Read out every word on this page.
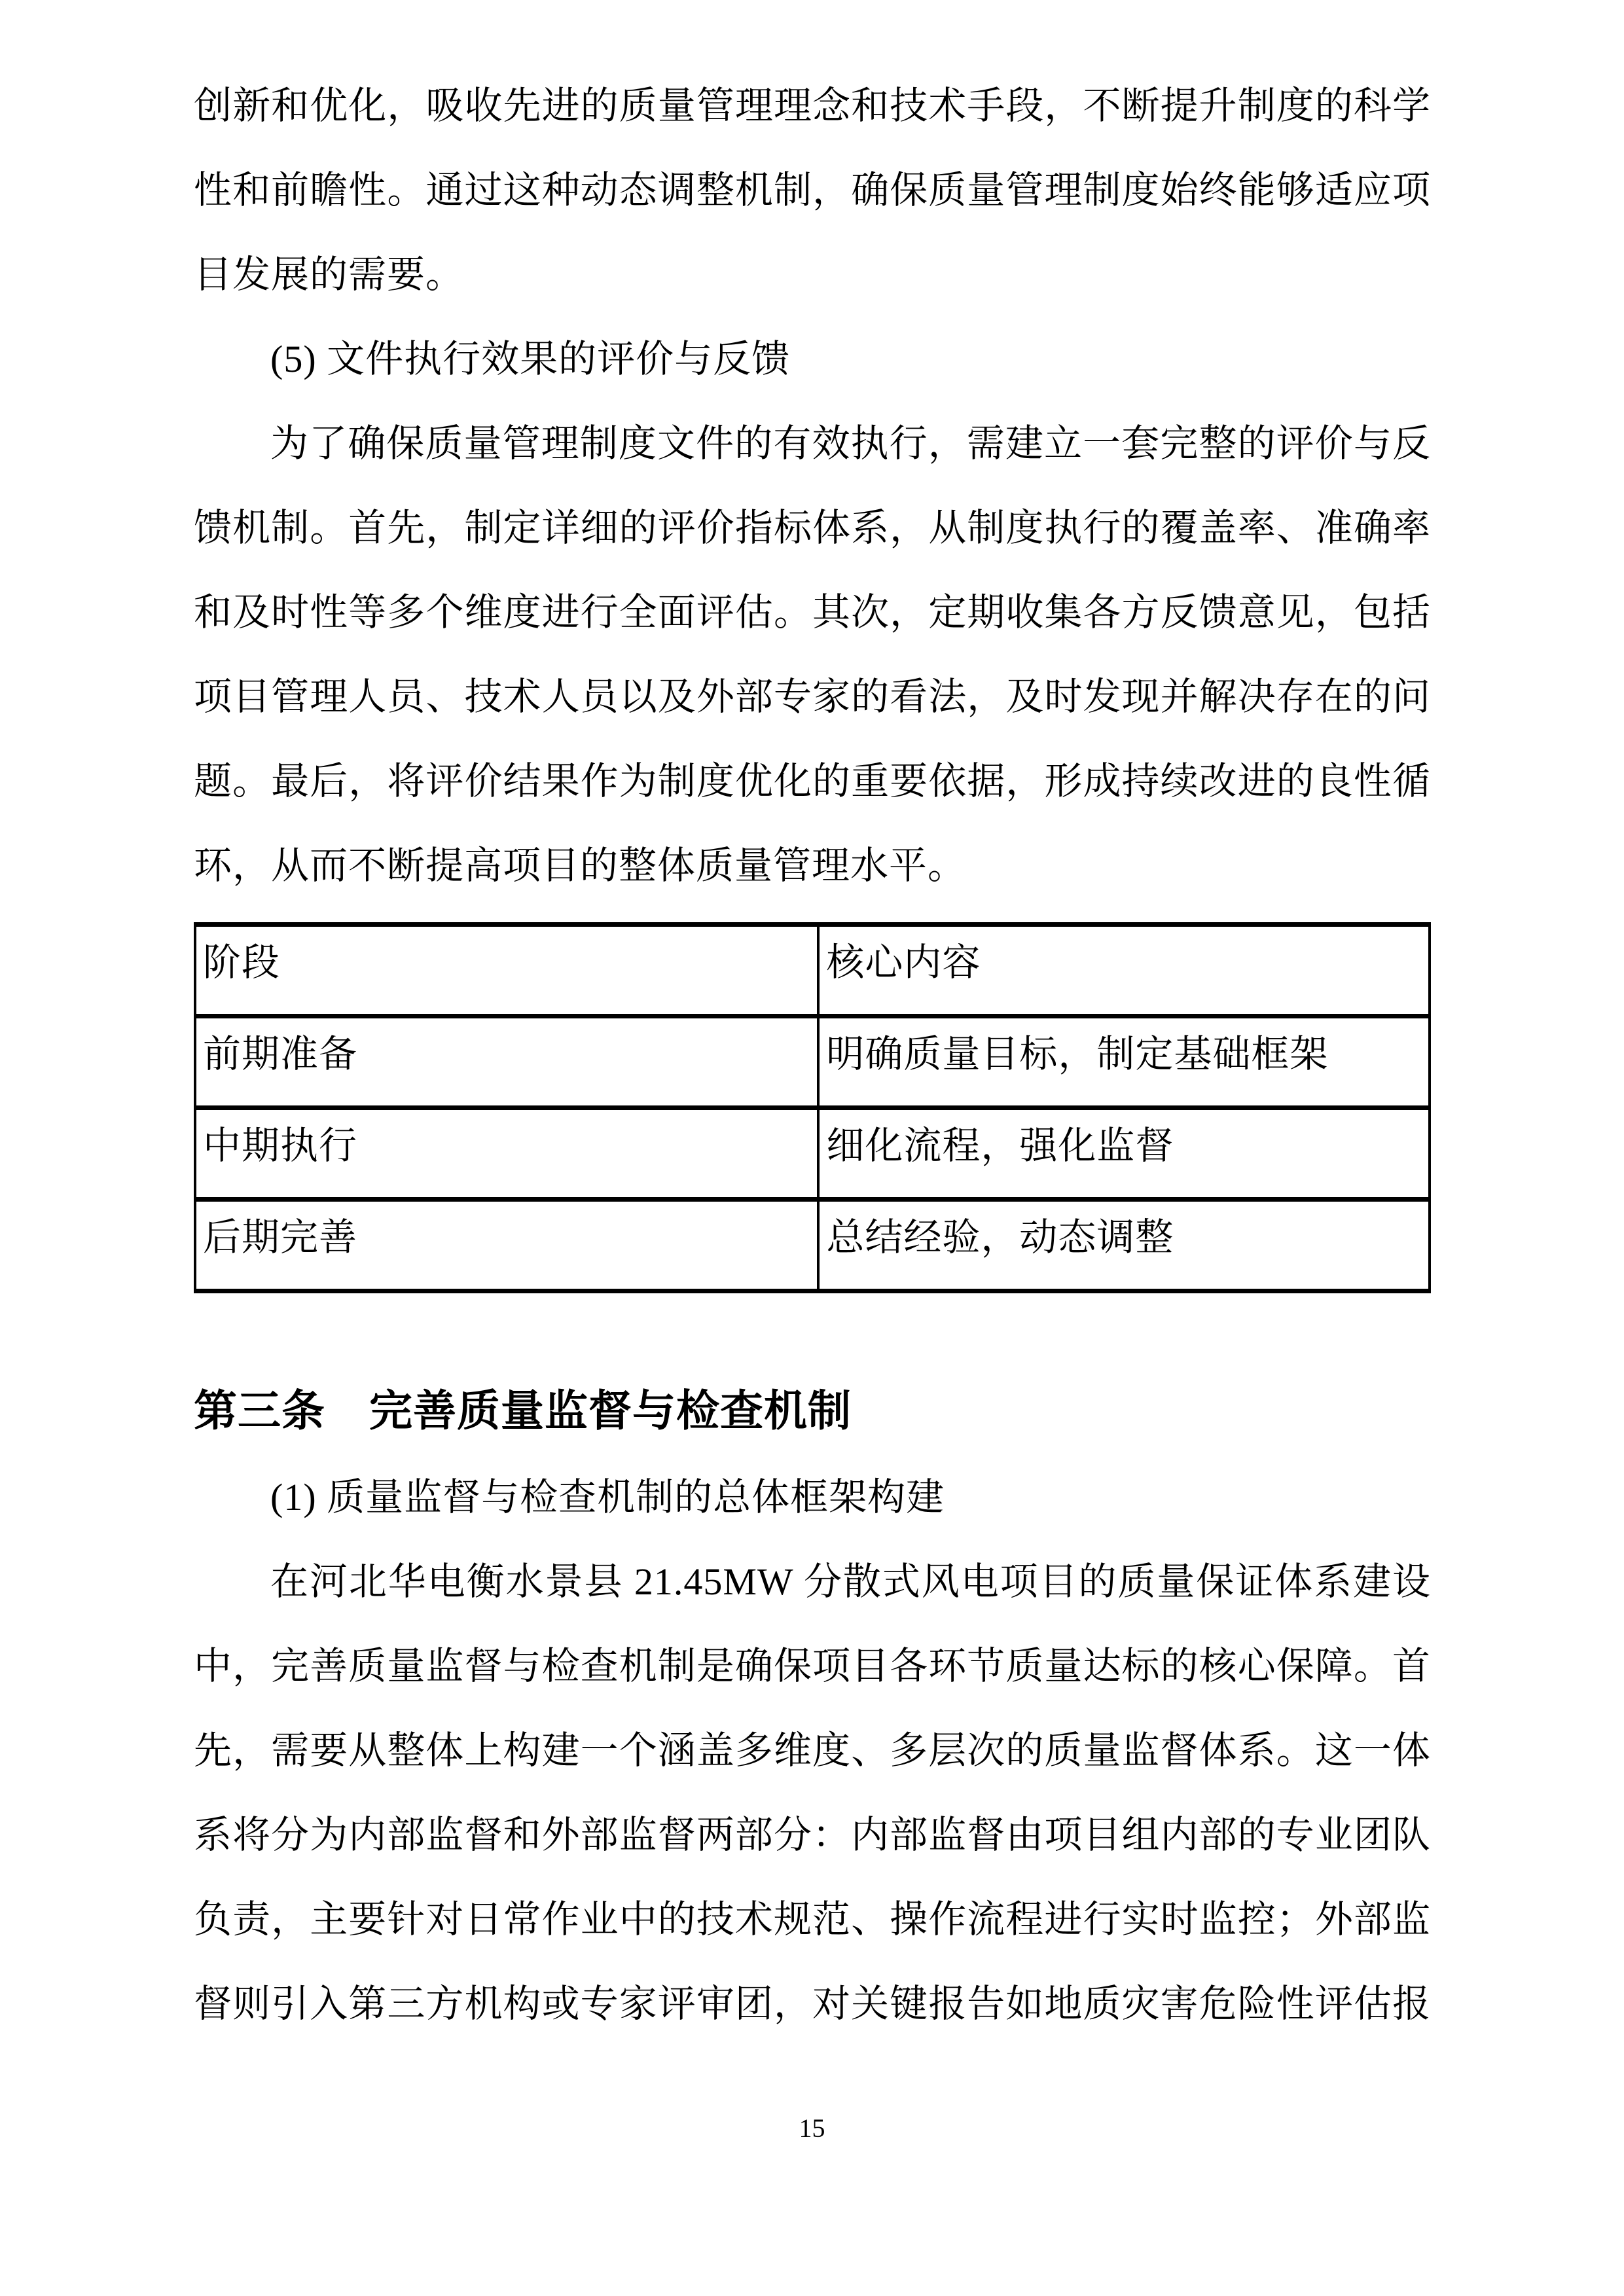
创新和优化，吸收先进的质量管理理念和技术手段，不断提升制度的科学
性和前瞻性。通过这种动态调整机制，确保质量管理制度始终能够适应项
目发展的需要。
(5) 文件执行效果的评价与反馈
为了确保质量管理制度文件的有效执行，需建立一套完整的评价与反
馈机制。首先，制定详细的评价指标体系，从制度执行的覆盖率、准确率
和及时性等多个维度进行全面评估。其次，定期收集各方反馈意见，包括
项目管理人员、技术人员以及外部专家的看法，及时发现并解决存在的问
题。最后，将评价结果作为制度优化的重要依据，形成持续改进的良性循
环，从而不断提高项目的整体质量管理水平。
阶段	核心内容
前期准备	明确质量目标，制定基础框架
中期执行	细化流程，强化监督
后期完善	总结经验，动态调整
第三条　完善质量监督与检查机制
(1) 质量监督与检查机制的总体框架构建
在河北华电衡水景县 21.45MW 分散式风电项目的质量保证体系建设
中，完善质量监督与检查机制是确保项目各环节质量达标的核心保障。首
先，需要从整体上构建一个涵盖多维度、多层次的质量监督体系。这一体
系将分为内部监督和外部监督两部分：内部监督由项目组内部的专业团队
负责，主要针对日常作业中的技术规范、操作流程进行实时监控；外部监
督则引入第三方机构或专家评审团，对关键报告如地质灾害危险性评估报
15
